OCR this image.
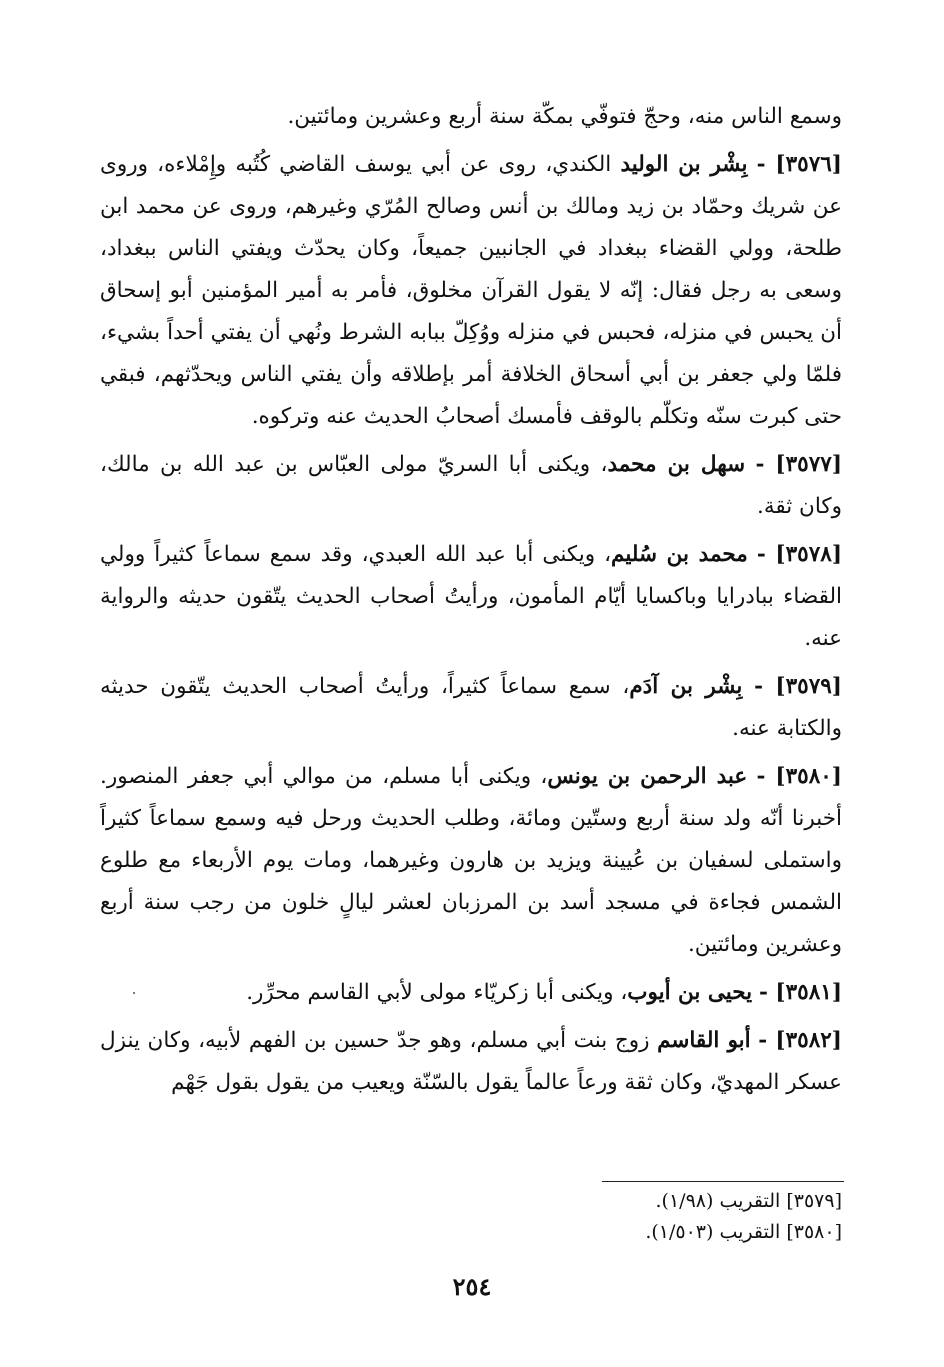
وسمع الناس منه، وحجّ فتوفّي بمكّة سنة أربع وعشرين ومائتين.

[٣٥٧٦] - بِشْر بن الوليد الكندي، روى عن أبي يوسف القاضي كُتُبه وإِمْلاءه، وروى عن شريك وحمّاد بن زيد ومالك بن أنس وصالح المُرّي وغيرهم، وروى عن محمد ابن طلحة، وولي القضاء ببغداد في الجانبين جميعاً، وكان يحدّث ويفتي الناس ببغداد، وسعى به رجل فقال: إنّه لا يقول القرآن مخلوق، فأمر به أمير المؤمنين أبو إسحاق أن يحبس في منزله، فحبس في منزله ووُكِلّ ببابه الشرط ونُهي أن يفتي أحداً بشيء، فلمّا ولي جعفر بن أبي أسحاق الخلافة أمر بإطلاقه وأن يفتي الناس ويحدّثهم، فبقي حتى كبرت سنّه وتكلّم بالوقف فأمسك أصحابُ الحديث عنه وتركوه.

[٣٥٧٧] - سهل بن محمد، ويكنى أبا السريّ مولى العبّاس بن عبد الله بن مالك، وكان ثقة.

[٣٥٧٨] - محمد بن سُليم، ويكنى أبا عبد الله العبدي، وقد سمع سماعاً كثيراً وولي القضاء ببادرايا وباكسايا أيّام المأمون، ورأيتُ أصحاب الحديث يتّقون حديثه والرواية عنه.

[٣٥٧٩] - بِشْر بن آدَم، سمع سماعاً كثيراً، ورأيتُ أصحاب الحديث يتّقون حديثه والكتابة عنه.

[٣٥٨٠] - عبد الرحمن بن يونس، ويكنى أبا مسلم، من موالي أبي جعفر المنصور. أخبرنا أنّه ولد سنة أربع وستّين ومائة، وطلب الحديث ورحل فيه وسمع سماعاً كثيراً واستملى لسفيان بن عُيينة ويزيد بن هارون وغيرهما، ومات يوم الأربعاء مع طلوع الشمس فجاءة في مسجد أسد بن المرزبان لعشر ليالٍ خلون من رجب سنة أربع وعشرين ومائتين.

[٣٥٨١] - يحيى بن أيوب، ويكنى أبا زكريّاء مولى لأبي القاسم محرِّر.

[٣٥٨٢] - أبو القاسم زوج بنت أبي مسلم، وهو جدّ حسين بن الفهم لأبيه، وكان ينزل عسكر المهديّ، وكان ثقة ورعاً عالماً يقول بالسّنّة ويعيب من يقول بقول جَهْم

[٣٥٧٩] التقريب (١/٩٨).
[٣٥٨٠] التقريب (١/٥٠٣).
٢٥٤
